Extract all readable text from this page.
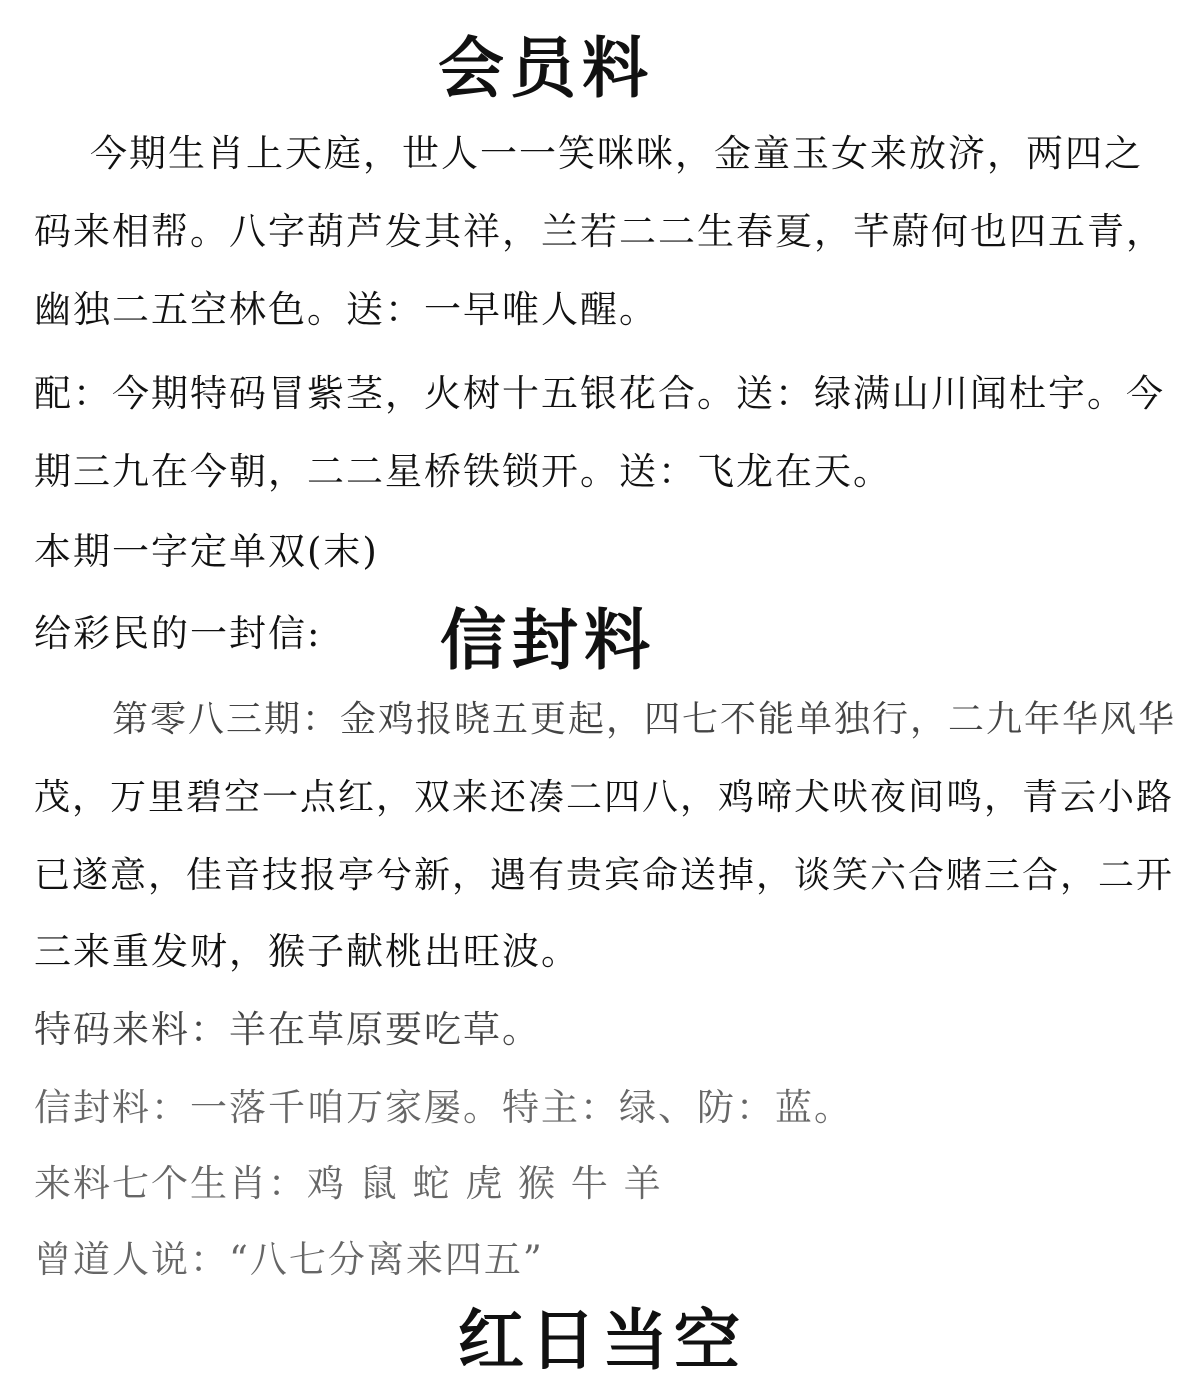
会员料
今期生肖上天庭，世人一一笑咪咪，金童玉女来放济，两四之
码来相帮。八字葫芦发其祥，兰若二二生春夏，芊蔚何也四五青，
幽独二五空林色。送：一早唯人醒。
配：今期特码冒紫茎，火树十五银花合。送：绿满山川闻杜宇。今
期三九在今朝，二二星桥铁锁开。送：飞龙在天。
本期一字定单双(末)
给彩民的一封信: 信封料
第零八三期：金鸡报晓五更起，四七不能单独行，二九年华风华
茂，万里碧空一点红，双来还凑二四八，鸡啼犬吠夜间鸣，青云小路
已遂意，佳音技报亭兮新，遇有贵宾命送掉，谈笑六合赌三合，二开
三来重发财，猴子献桃出旺波。
特码来料：羊在草原要吃草。
信封料：一落千咱万家屡。特主：绿、防：蓝。
来料七个生肖：鸡 鼠 蛇 虎 猴 牛 羊
曾道人说：“八七分离来四五”
红日当空
